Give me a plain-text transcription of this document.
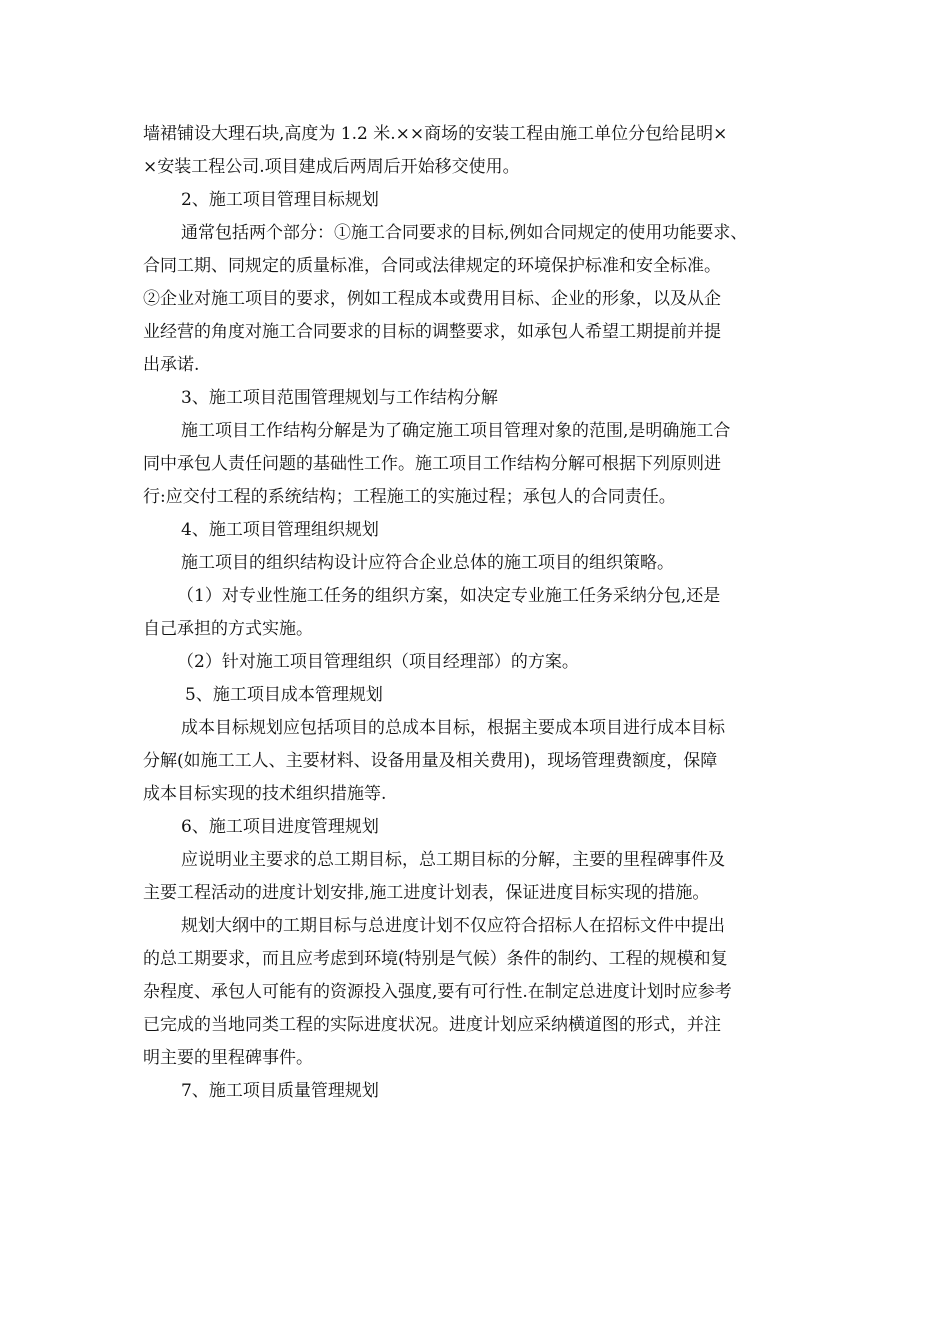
墙裙铺设大理石块,高度为 1.2 米.××商场的安装工程由施工单位分包给昆明×
×安装工程公司.项目建成后两周后开始移交使用。
2、施工项目管理目标规划
通常包括两个部分：①施工合同要求的目标,例如合同规定的使用功能要求、
合同工期、同规定的质量标准，合同或法律规定的环境保护标准和安全标准。
②企业对施工项目的要求，例如工程成本或费用目标、企业的形象，以及从企
业经营的角度对施工合同要求的目标的调整要求，如承包人希望工期提前并提
出承诺.
3、施工项目范围管理规划与工作结构分解
施工项目工作结构分解是为了确定施工项目管理对象的范围,是明确施工合
同中承包人责任问题的基础性工作。施工项目工作结构分解可根据下列原则进
行:应交付工程的系统结构；工程施工的实施过程；承包人的合同责任。
4、施工项目管理组织规划
施工项目的组织结构设计应符合企业总体的施工项目的组织策略。
（1）对专业性施工任务的组织方案，如决定专业施工任务采纳分包,还是
自己承担的方式实施。
（2）针对施工项目管理组织（项目经理部）的方案。
5、施工项目成本管理规划
成本目标规划应包括项目的总成本目标，根据主要成本项目进行成本目标
分解(如施工工人、主要材料、设备用量及相关费用)，现场管理费额度，保障
成本目标实现的技术组织措施等.
6、施工项目进度管理规划
应说明业主要求的总工期目标，总工期目标的分解，主要的里程碑事件及
主要工程活动的进度计划安排,施工进度计划表，保证进度目标实现的措施。
规划大纲中的工期目标与总进度计划不仅应符合招标人在招标文件中提出
的总工期要求，而且应考虑到环境(特别是气候）条件的制约、工程的规模和复
杂程度、承包人可能有的资源投入强度,要有可行性.在制定总进度计划时应参考
已完成的当地同类工程的实际进度状况。进度计划应采纳横道图的形式，并注
明主要的里程碑事件。
7、施工项目质量管理规划
